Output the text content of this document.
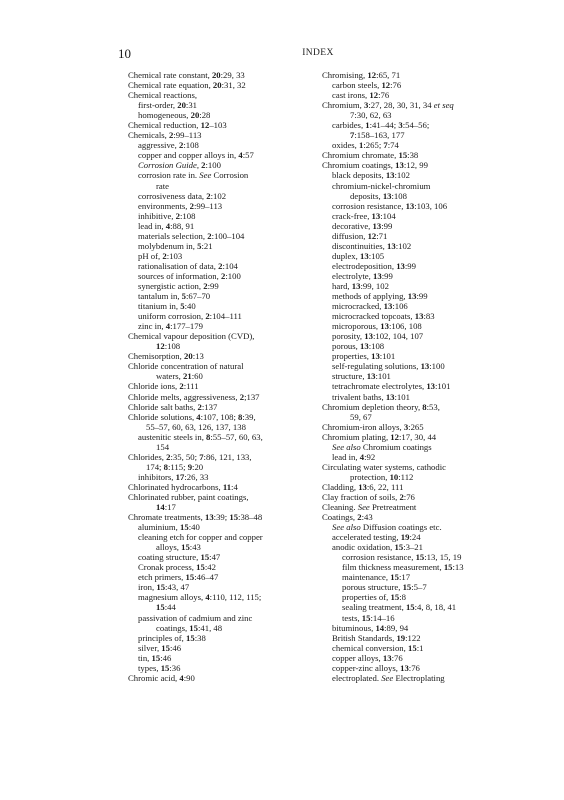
10	INDEX
Chemical rate constant, 20:29, 33
Chemical rate equation, 20:31, 32
Chemical reactions,
first-order, 20:31
homogeneous, 20:28
Chemical reduction, 12–103
Chemicals, 2:99–113
aggressive, 2:108
copper and copper alloys in, 4:57
Corrosion Guide, 2:100
corrosion rate in. See Corrosion
rate
corrosiveness data, 2:102
environments, 2:99–113
inhibitive, 2:108
lead in, 4:88, 91
materials selection, 2:100–104
molybdenum in, 5:21
pH of, 2:103
rationalisation of data, 2:104
sources of information, 2:100
synergistic action, 2:99
tantalum in, 5:67–70
titanium in, 5:40
uniform corrosion, 2:104–111
zinc in, 4:177–179
Chemical vapour deposition (CVD),
12:108
Chemisorption, 20:13
Chloride concentration of natural
waters, 21:60
Chloride ions, 2:111
Chloride melts, aggressiveness, 2;137
Chloride salt baths, 2:137
Chloride solutions, 4:107, 108; 8:39,
55–57, 60, 63, 126, 137, 138
austenitic steels in, 8:55–57, 60, 63,
154
Chlorides, 2:35, 50; 7:86, 121, 133,
174; 8:115; 9:20
inhibitors, 17:26, 33
Chlorinated hydrocarbons, 11:4
Chlorinated rubber, paint coatings,
14:17
Chromate treatments, 13:39; 15:38–48
aluminium, 15:40
cleaning etch for copper and copper
alloys, 15:43
coating structure, 15:47
Cronak process, 15:42
etch primers, 15:46–47
iron, 15:43, 47
magnesium alloys, 4:110, 112, 115;
15:44
passivation of cadmium and zinc
coatings, 15:41, 48
principles of, 15:38
silver, 15:46
tin, 15:46
types, 15:36
Chromic acid, 4:90
Chromising, 12:65, 71
carbon steels, 12:76
cast irons, 12:76
Chromium, 3:27, 28, 30, 31, 34 et seq
7:30, 62, 63
carbides, 1:41–44; 3:54–56;
7:158–163, 177
oxides, 1:265; 7:74
Chromium chromate, 15:38
Chromium coatings, 13:12, 99
black deposits, 13:102
chromium-nickel-chromium
deposits, 13:108
corrosion resistance, 13:103, 106
crack-free, 13:104
decorative, 13:99
diffusion, 12:71
discontinuities, 13:102
duplex, 13:105
electrodeposition, 13:99
electrolyte, 13:99
hard, 13:99, 102
methods of applying, 13:99
microcracked, 13:106
microcracked topcoats, 13:83
microporous, 13:106, 108
porosity, 13:102, 104, 107
porous, 13:108
properties, 13:101
self-regulating solutions, 13:100
structure, 13:101
tetrachromate electrolytes, 13:101
trivalent baths, 13:101
Chromium depletion theory, 8:53,
59, 67
Chromium-iron alloys, 3:265
Chromium plating, 12:17, 30, 44
See also Chromium coatings
lead in, 4:92
Circulating water systems, cathodic
protection, 10:112
Cladding, 13:6, 22, 111
Clay fraction of soils, 2:76
Cleaning. See Pretreatment
Coatings, 2:43
See also Diffusion coatings etc.
accelerated testing, 19:24
anodic oxidation, 15:3–21
corrosion resistance, 15:13, 15, 19
film thickness measurement, 15:13
maintenance, 15:17
porous structure, 15:5–7
properties of, 15:8
sealing treatment, 15:4, 8, 18, 41
tests, 15:14–16
bituminous, 14:89, 94
British Standards, 19:122
chemical conversion, 15:1
copper alloys, 13:76
copper-zinc alloys, 13:76
electroplated. See Electroplating
